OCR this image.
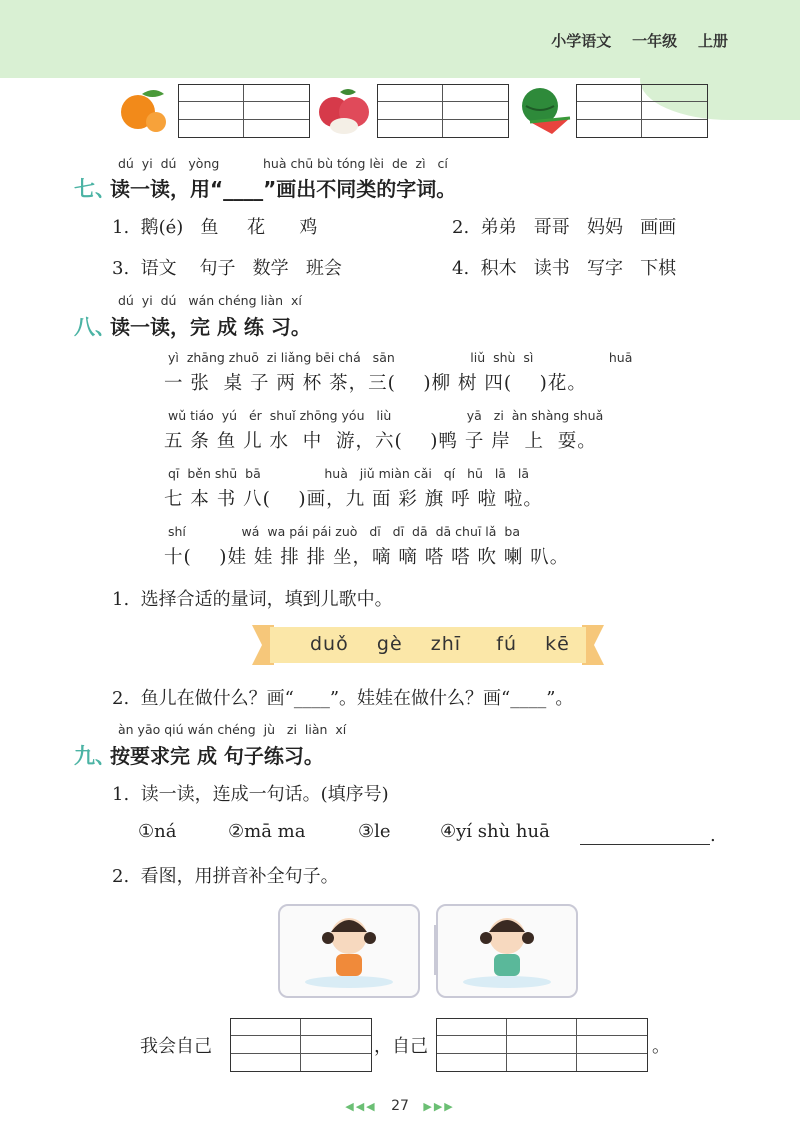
小学语文    一年级    上册
dú  yi  dú   yòng           huà chū bù tóng lèi  de  zì   cí
七、
读一读，用“____”画出不同类的字词。
1.  鹅(é)   鱼     花      鸡	2.  弟弟   哥哥   妈妈   画画
3.  语文    句子   数学   班会	4.  积木   读书   写字   下棋
dú  yi  dú   wán chéng liàn  xí
八、
读一读，完 成 练 习。
yì  zhāng zhuō  zi liǎng bēi chá   sān                   liǔ  shù  sì                   huā
一 张  桌 子 两 杯 茶，三(    )柳 树 四(    )花。
wǔ tiáo  yú   ér  shuǐ zhōng yóu   liù                   yā   zi  àn shàng shuǎ
五 条 鱼 儿 水  中  游，六(    )鸭 子 岸  上  耍。
qī  běn shū  bā                huà   jiǔ miàn cǎi   qí   hū   lā   lā
七 本 书 八(    )画，九 面 彩 旗 呼 啦 啦。
shí              wá  wa pái pái zuò   dī   dī  dā  dā chuī lǎ  ba
十(    )娃 娃 排 排 坐，嘀 嘀 嗒 嗒 吹 喇 叭。
1.  选择合适的量词，填到儿歌中。
duǒ    gè    zhī     fú    kē
2.  鱼儿在做什么？画“____”。娃娃在做什么？画“____”。
àn yāo qiú wán chéng  jù   zi  liàn  xí
九、
按要求完 成 句子练习。
1.  读一读，连成一句话。(填序号)
①ná	②mā ma	③le	④yí shù huā	.
2.  看图，用拼音补全句子。
我会自己	，自己	。
◀◀◀ 27 ▶▶▶
